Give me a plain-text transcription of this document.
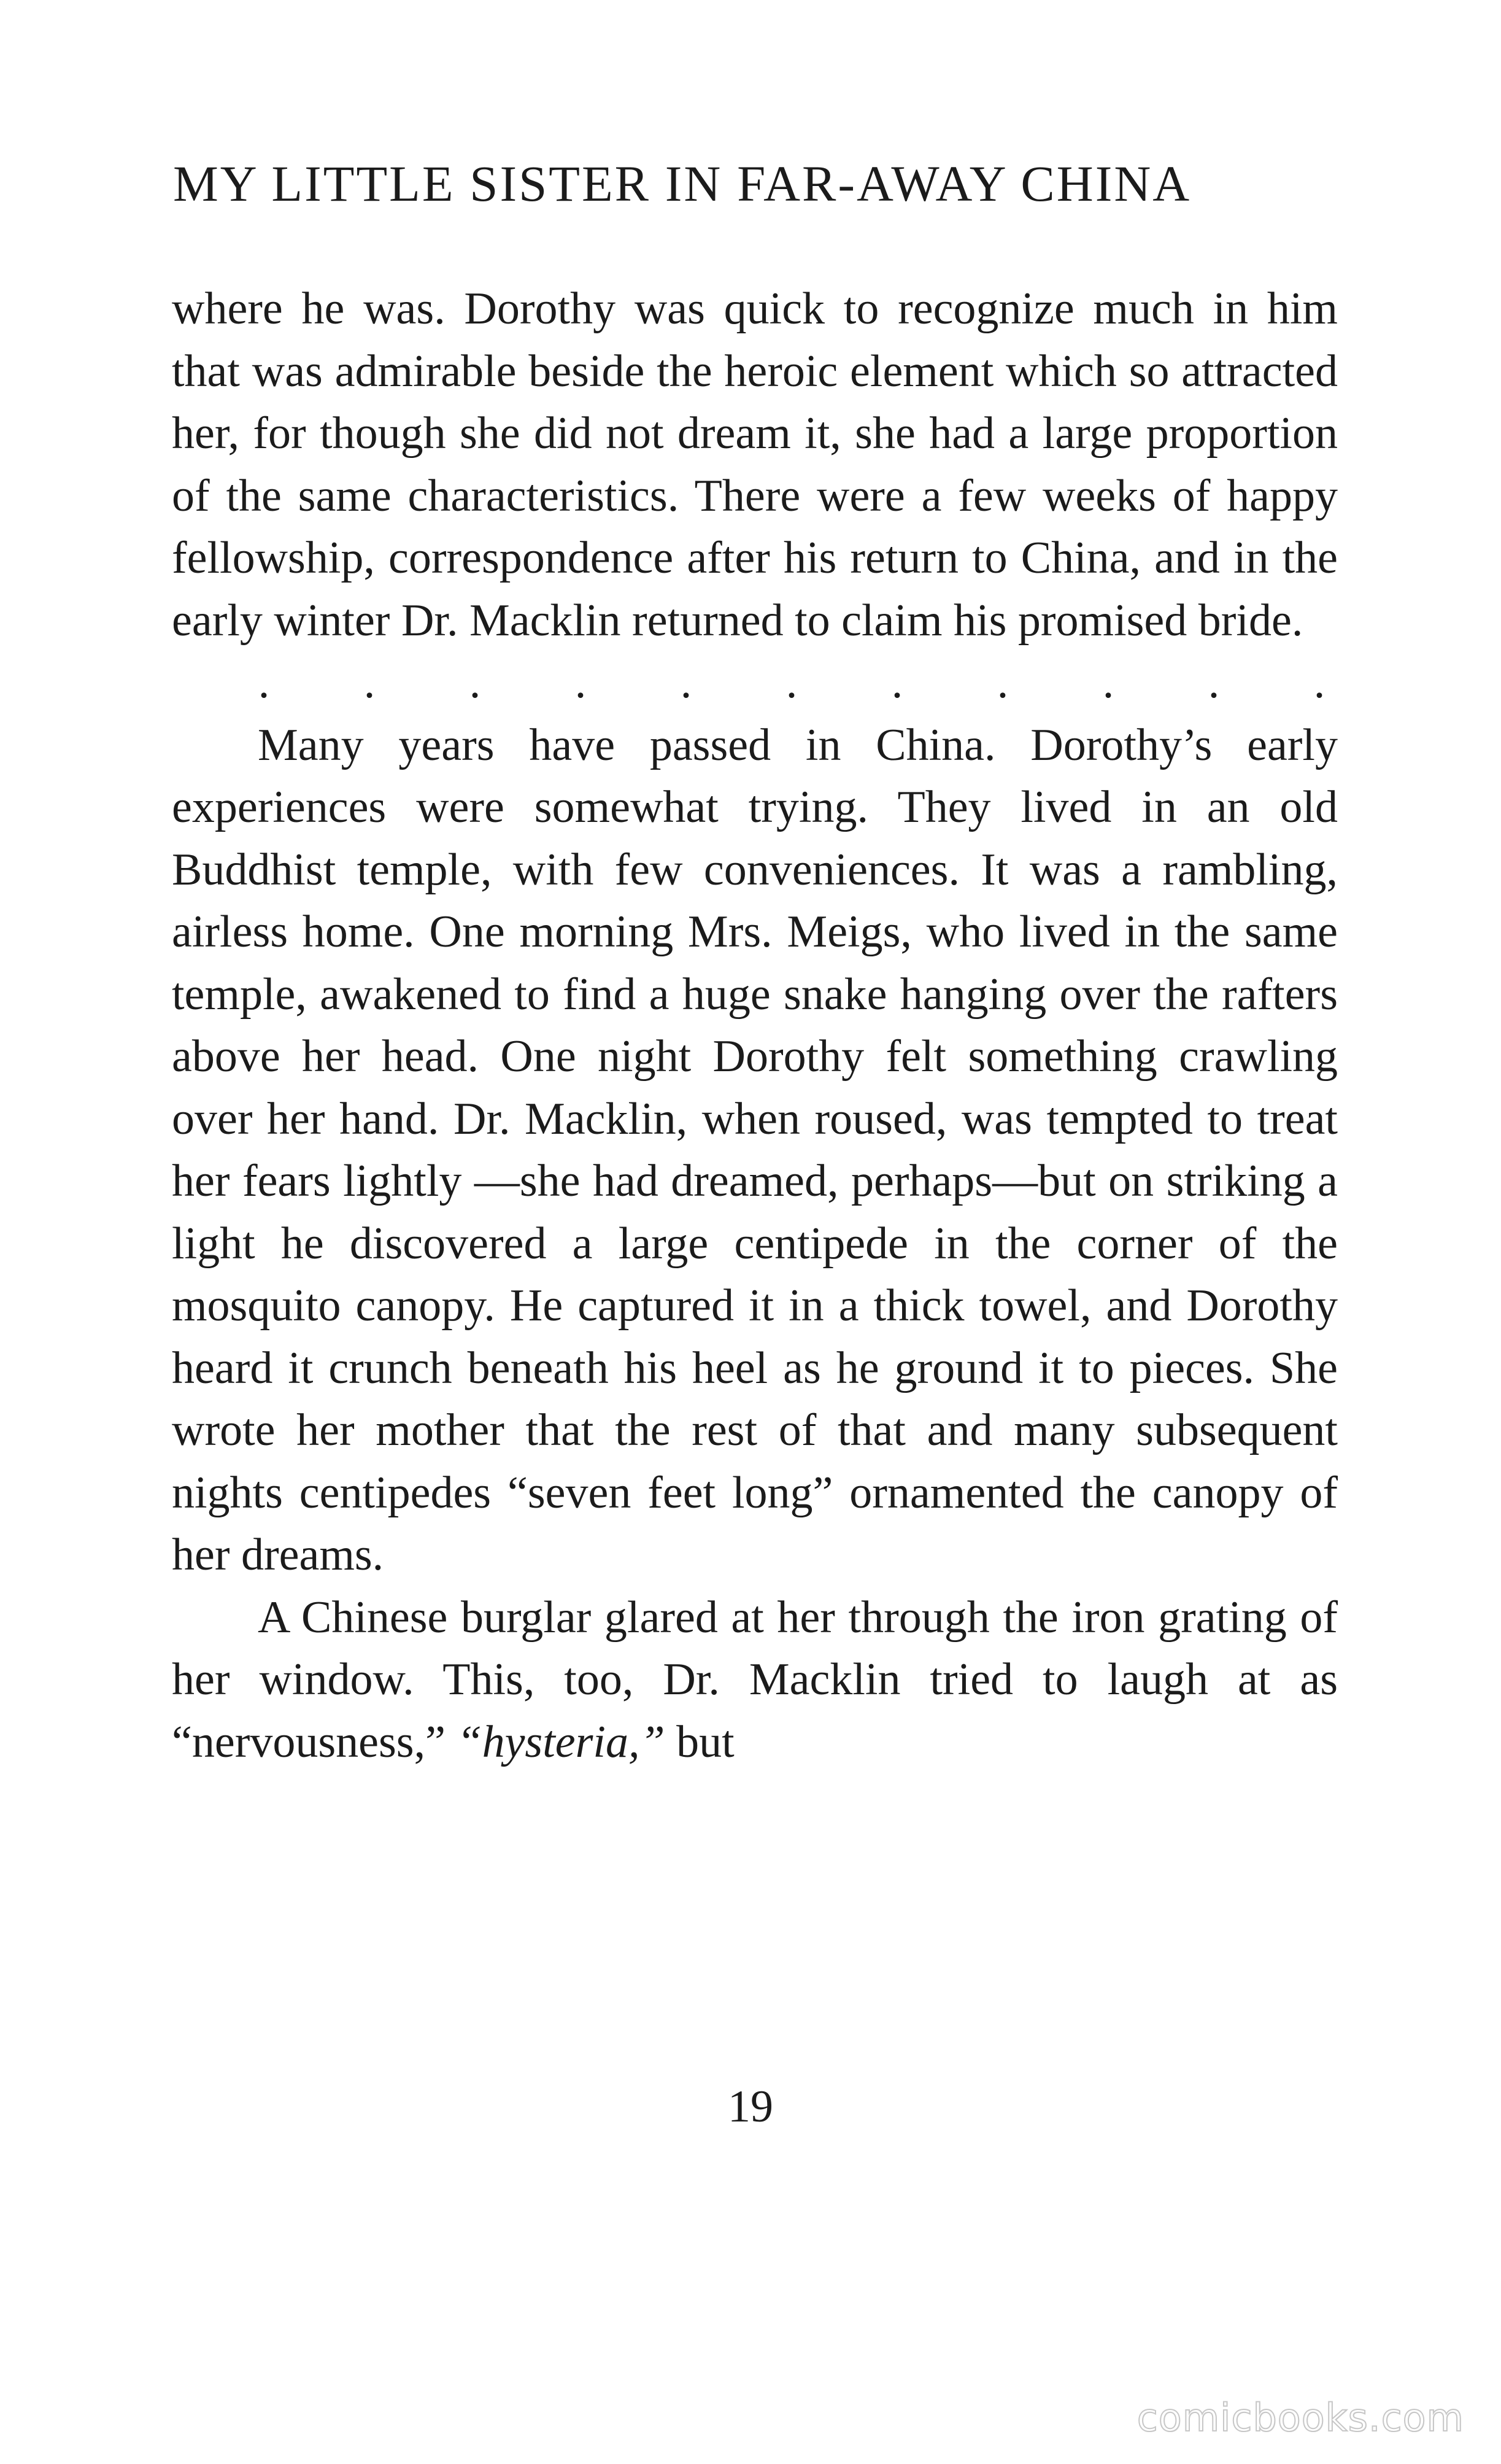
MY LITTLE SISTER IN FAR-AWAY CHINA

where he was. Dorothy was quick to recognize much in him that was admirable beside the heroic element which so attracted her, for though she did not dream it, she had a large proportion of the same characteristics. There were a few weeks of happy fellowship, correspondence after his return to China, and in the early winter Dr. Macklin returned to claim his promised bride.

. . . . . . . . . . .

Many years have passed in China. Dorothy’s early experiences were somewhat trying. They lived in an old Buddhist temple, with few conveniences. It was a rambling, airless home. One morning Mrs. Meigs, who lived in the same temple, awakened to find a huge snake hanging over the rafters above her head. One night Dorothy felt something crawling over her hand. Dr. Macklin, when roused, was tempted to treat her fears lightly —she had dreamed, perhaps—but on striking a light he discovered a large centipede in the corner of the mosquito canopy. He captured it in a thick towel, and Dorothy heard it crunch beneath his heel as he ground it to pieces. She wrote her mother that the rest of that and many subsequent nights centipedes “seven feet long” ornamented the canopy of her dreams.

A Chinese burglar glared at her through the iron grating of her window. This, too, Dr. Macklin tried to laugh at as “nervousness,” “hysteria,” but

19
comicbooks.com
